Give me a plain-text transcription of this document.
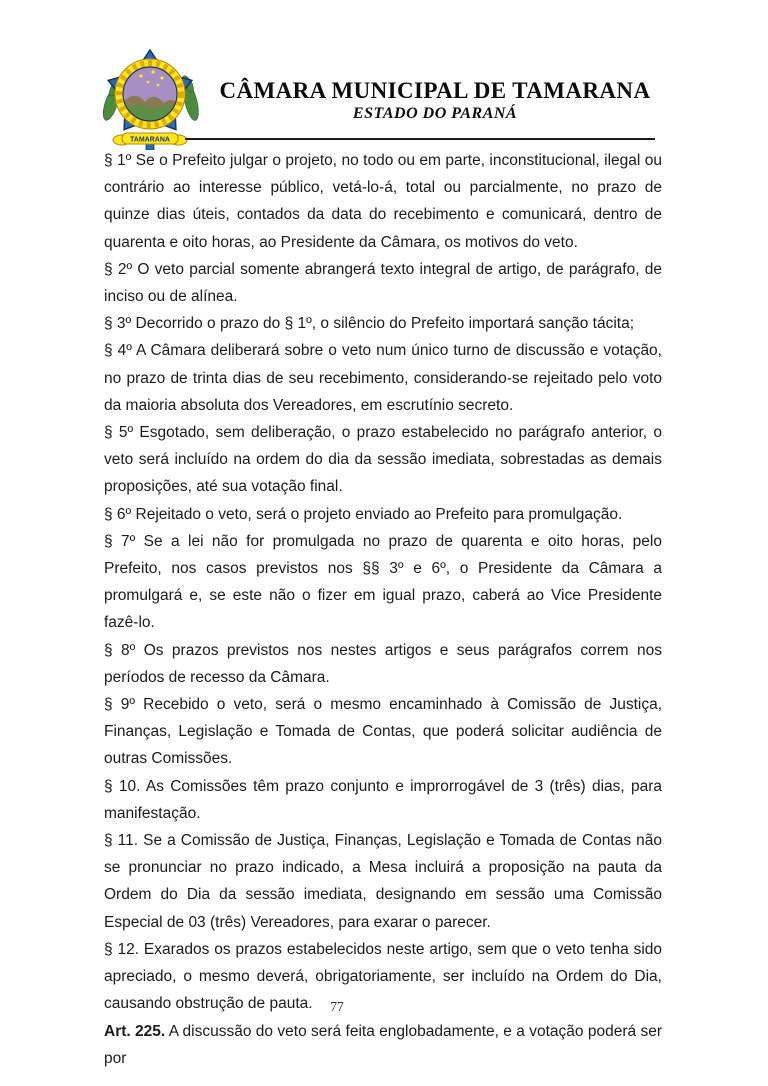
TAMARANA
CÂMARA MUNICIPAL DE TAMARANA
ESTADO DO PARANÁ

§ 1º Se o Prefeito julgar o projeto, no todo ou em parte, inconstitucional, ilegal ou contrário ao interesse público, vetá-lo-á, total ou parcialmente, no prazo de quinze dias úteis, contados da data do recebimento e comunicará, dentro de quarenta e oito horas, ao Presidente da Câmara, os motivos do veto.

§ 2º O veto parcial somente abrangerá texto integral de artigo, de parágrafo, de inciso ou de alínea.

§ 3º Decorrido o prazo do § 1º, o silêncio do Prefeito importará sanção tácita;

§ 4º A Câmara deliberará sobre o veto num único turno de discussão e votação, no prazo de trinta dias de seu recebimento, considerando-se rejeitado pelo voto da maioria absoluta dos Vereadores, em escrutínio secreto.

§ 5º Esgotado, sem deliberação, o prazo estabelecido no parágrafo anterior, o veto será incluído na ordem do dia da sessão imediata, sobrestadas as demais proposições, até sua votação final.

§ 6º Rejeitado o veto, será o projeto enviado ao Prefeito para promulgação.

§ 7º Se a lei não for promulgada no prazo de quarenta e oito horas, pelo Prefeito, nos casos previstos nos §§ 3º e 6º, o Presidente da Câmara a promulgará e, se este não o fizer em igual prazo, caberá ao Vice Presidente fazê-lo.

§ 8º Os prazos previstos nos nestes artigos e seus parágrafos correm nos períodos de recesso da Câmara.

§ 9º Recebido o veto, será o mesmo encaminhado à Comissão de Justiça, Finanças, Legislação e Tomada de Contas, que poderá solicitar audiência de outras Comissões.

§ 10. As Comissões têm prazo conjunto e improrrogável de 3 (três) dias, para manifestação.

§ 11. Se a Comissão de Justiça, Finanças, Legislação e Tomada de Contas não se pronunciar no prazo indicado, a Mesa incluirá a proposição na pauta da Ordem do Dia da sessão imediata, designando em sessão uma Comissão Especial de 03 (três) Vereadores, para exarar o parecer.

§ 12. Exarados os prazos estabelecidos neste artigo, sem que o veto tenha sido apreciado, o mesmo deverá, obrigatoriamente, ser incluído na Ordem do Dia, causando obstrução de pauta.

Art. 225. A discussão do veto será feita englobadamente, e a votação poderá ser por

77
